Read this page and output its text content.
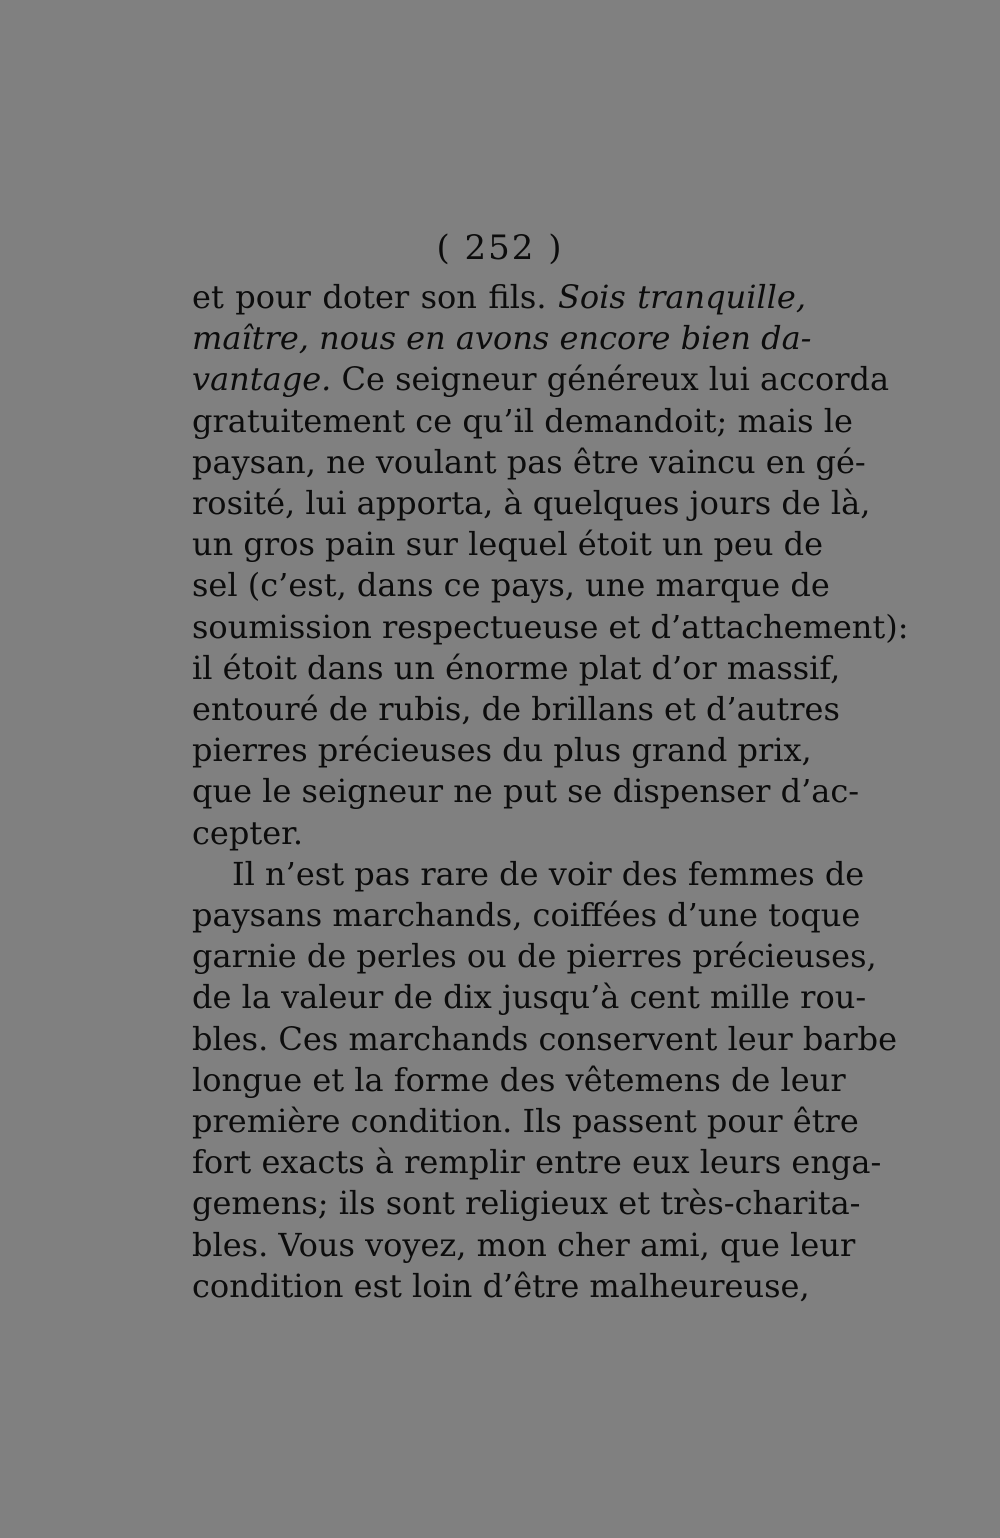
( 252 )
et pour doter son fils. Sois tranquille,
maître, nous en avons encore bien da-
vantage. Ce seigneur généreux lui accorda
gratuitement ce qu’il demandoit; mais le
paysan, ne voulant pas être vaincu en gé-
rosité, lui apporta, à quelques jours de là,
un gros pain sur lequel étoit un peu de
sel (c’est, dans ce pays, une marque de
soumission respectueuse et d’attachement):
il étoit dans un énorme plat d’or massif,
entouré de rubis, de brillans et d’autres
pierres précieuses du plus grand prix,
que le seigneur ne put se dispenser d’ac-
cepter.
Il n’est pas rare de voir des femmes de
paysans marchands, coiffées d’une toque
garnie de perles ou de pierres précieuses,
de la valeur de dix jusqu’à cent mille rou-
bles. Ces marchands conservent leur barbe
longue et la forme des vêtemens de leur
première condition. Ils passent pour être
fort exacts à remplir entre eux leurs enga-
gemens; ils sont religieux et très-charita-
bles. Vous voyez, mon cher ami, que leur
condition est loin d’être malheureuse,
